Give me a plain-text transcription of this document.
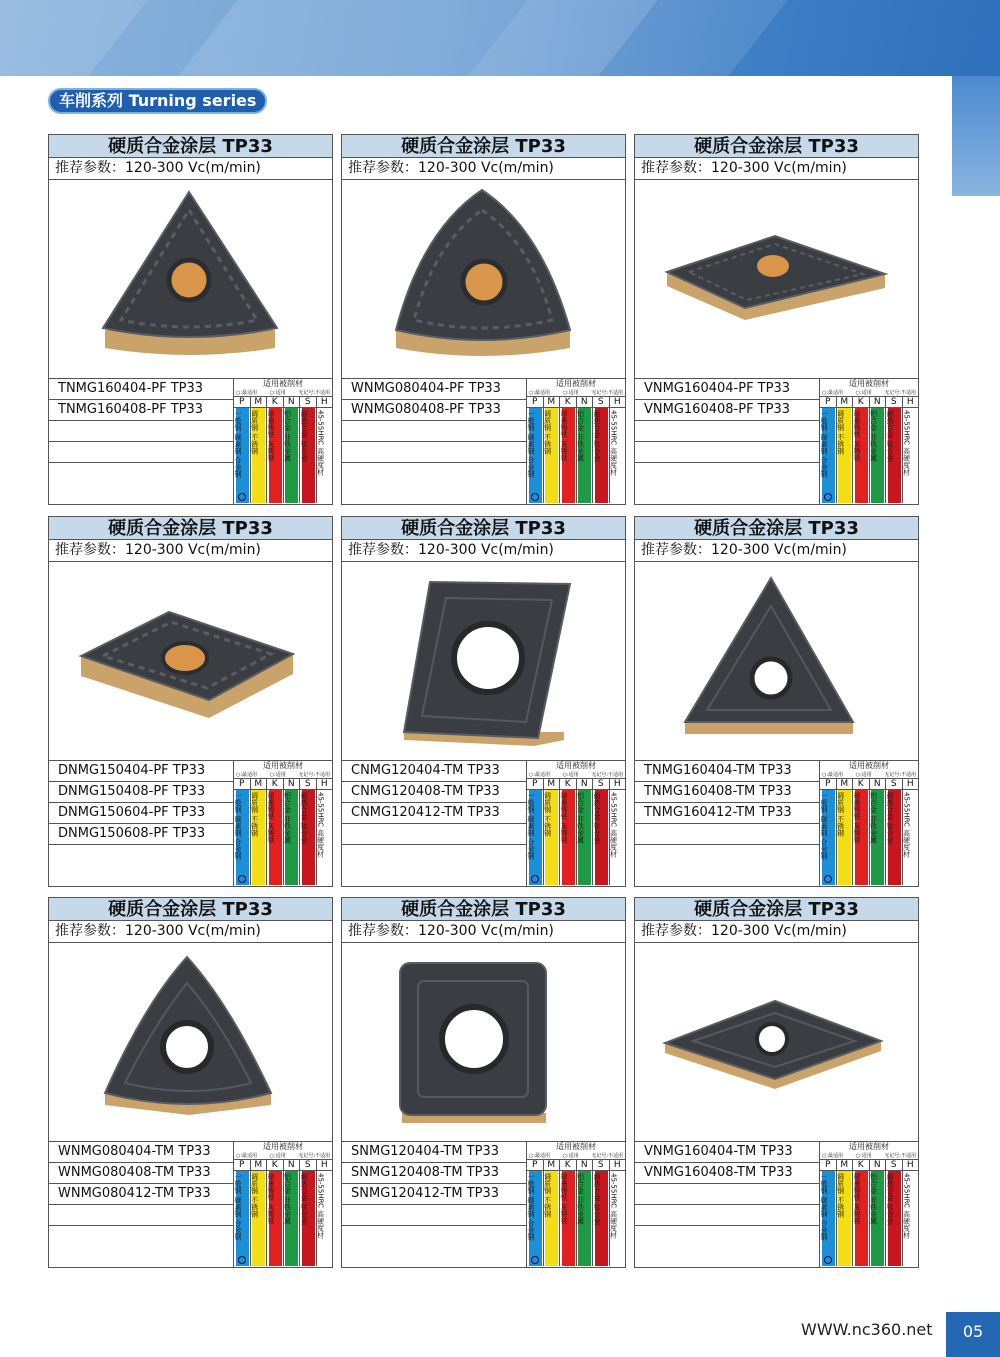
车削系列 Turning series
硬质合金涂层 TP33
推荐参数：120-300 Vc(m/min)
TNMG160404-PF TP33
TNMG160408-PF TP33
适用被削材
○:最适用	○:适用	无记号:不适用
P
一般钢 碳素钢 合金钢
M
调质钢 不锈钢
K
球墨铸铁 灰铸铁
N
铝合金 非铁金属
S
耐热合金 钛合金
H
45-55HRC 高硬度材
硬质合金涂层 TP33
推荐参数：120-300 Vc(m/min)
WNMG080404-PF TP33
WNMG080408-PF TP33
适用被削材
○:最适用	○:适用	无记号:不适用
P
一般钢 碳素钢 合金钢
M
调质钢 不锈钢
K
球墨铸铁 灰铸铁
N
铝合金 非铁金属
S
耐热合金 钛合金
H
45-55HRC 高硬度材
硬质合金涂层 TP33
推荐参数：120-300 Vc(m/min)
VNMG160404-PF TP33
VNMG160408-PF TP33
适用被削材
○:最适用	○:适用	无记号:不适用
P
一般钢 碳素钢 合金钢
M
调质钢 不锈钢
K
球墨铸铁 灰铸铁
N
铝合金 非铁金属
S
耐热合金 钛合金
H
45-55HRC 高硬度材
硬质合金涂层 TP33
推荐参数：120-300 Vc(m/min)
DNMG150404-PF TP33
DNMG150408-PF TP33
DNMG150604-PF TP33
DNMG150608-PF TP33
适用被削材
○:最适用	○:适用	无记号:不适用
P
一般钢 碳素钢 合金钢
M
调质钢 不锈钢
K
球墨铸铁 灰铸铁
N
铝合金 非铁金属
S
耐热合金 钛合金
H
45-55HRC 高硬度材
硬质合金涂层 TP33
推荐参数：120-300 Vc(m/min)
CNMG120404-TM TP33
CNMG120408-TM TP33
CNMG120412-TM TP33
适用被削材
○:最适用	○:适用	无记号:不适用
P
一般钢 碳素钢 合金钢
M
调质钢 不锈钢
K
球墨铸铁 灰铸铁
N
铝合金 非铁金属
S
耐热合金 钛合金
H
45-55HRC 高硬度材
硬质合金涂层 TP33
推荐参数：120-300 Vc(m/min)
TNMG160404-TM TP33
TNMG160408-TM TP33
TNMG160412-TM TP33
适用被削材
○:最适用	○:适用	无记号:不适用
P
一般钢 碳素钢 合金钢
M
调质钢 不锈钢
K
球墨铸铁 灰铸铁
N
铝合金 非铁金属
S
耐热合金 钛合金
H
45-55HRC 高硬度材
硬质合金涂层 TP33
推荐参数：120-300 Vc(m/min)
WNMG080404-TM TP33
WNMG080408-TM TP33
WNMG080412-TM TP33
适用被削材
○:最适用	○:适用	无记号:不适用
P
一般钢 碳素钢 合金钢
M
调质钢 不锈钢
K
球墨铸铁 灰铸铁
N
铝合金 非铁金属
S
耐热合金 钛合金
H
45-55HRC 高硬度材
硬质合金涂层 TP33
推荐参数：120-300 Vc(m/min)
SNMG120404-TM TP33
SNMG120408-TM TP33
SNMG120412-TM TP33
适用被削材
○:最适用	○:适用	无记号:不适用
P
一般钢 碳素钢 合金钢
M
调质钢 不锈钢
K
球墨铸铁 灰铸铁
N
铝合金 非铁金属
S
耐热合金 钛合金
H
45-55HRC 高硬度材
硬质合金涂层 TP33
推荐参数：120-300 Vc(m/min)
VNMG160404-TM TP33
VNMG160408-TM TP33
适用被削材
○:最适用	○:适用	无记号:不适用
P
一般钢 碳素钢 合金钢
M
调质钢 不锈钢
K
球墨铸铁 灰铸铁
N
铝合金 非铁金属
S
耐热合金 钛合金
H
45-55HRC 高硬度材
WWW.nc360.net	05
